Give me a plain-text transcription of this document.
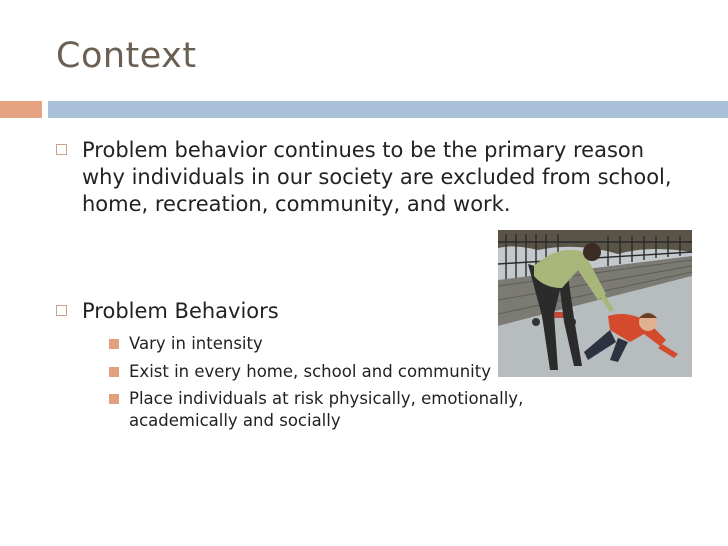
Context
Problem behavior continues to be the primary reason why individuals in our society are excluded from school, home, recreation, community, and work.
Problem Behaviors
Vary in intensity
Exist in every home, school and community
Place individuals at risk physically, emotionally, academically and socially
